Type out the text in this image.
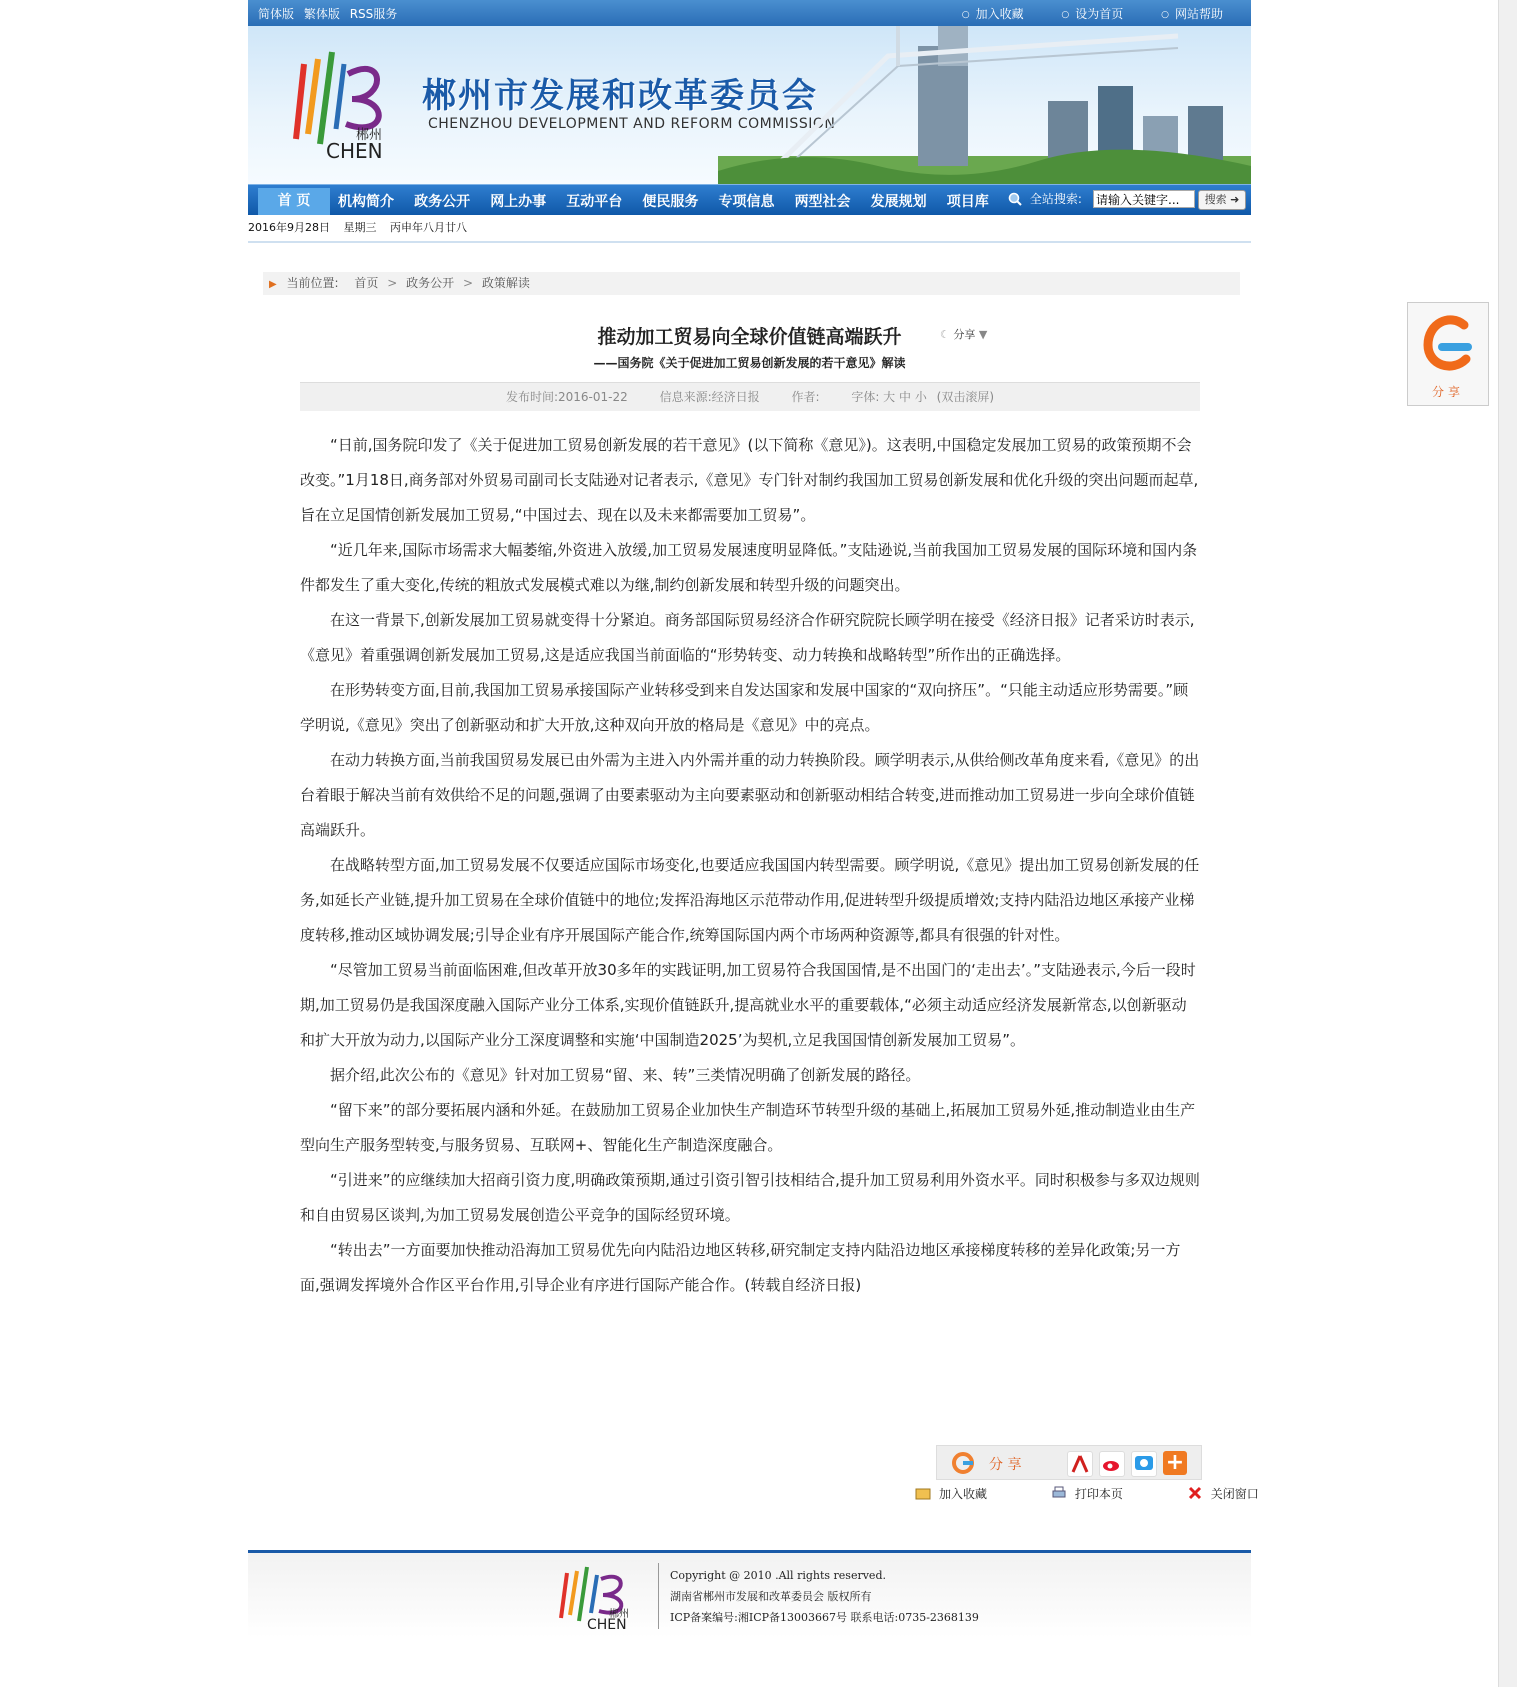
简体版 繁体版 RSS服务	○ 加入收藏	○ 设为首页	○ 网站帮助
郴州
CHEN
郴州市发展和改革委员会
CHENZHOU DEVELOPMENT AND REFORM COMMISSION
首 页	机构简介 政务公开 网上办事 互动平台 便民服务 专项信息 两型社会 发展规划 项目库	全站搜索:
请输入关键字...	搜索 ➜
2016年9月28日 星期三 丙申年八月廿八
▶ 当前位置: 首页 > 政务公开 > 政策解读
推动加工贸易向全球价值链高端跃升	☾ 分享 ▼
——国务院《关于促进加工贸易创新发展的若干意见》解读
发布时间:2016-01-22	信息来源:经济日报	作者:	字体: 大 中 小 (双击滚屏)

“日前,国务院印发了《关于促进加工贸易创新发展的若干意见》(以下简称《意见》)。这表明,中国稳定发展加工贸易的政策预期不会改变。”1月18日,商务部对外贸易司副司长支陆逊对记者表示,《意见》专门针对制约我国加工贸易创新发展和优化升级的突出问题而起草,旨在立足国情创新发展加工贸易,“中国过去、现在以及未来都需要加工贸易”。

“近几年来,国际市场需求大幅萎缩,外资进入放缓,加工贸易发展速度明显降低。”支陆逊说,当前我国加工贸易发展的国际环境和国内条件都发生了重大变化,传统的粗放式发展模式难以为继,制约创新发展和转型升级的问题突出。

在这一背景下,创新发展加工贸易就变得十分紧迫。商务部国际贸易经济合作研究院院长顾学明在接受《经济日报》记者采访时表示,《意见》着重强调创新发展加工贸易,这是适应我国当前面临的“形势转变、动力转换和战略转型”所作出的正确选择。

在形势转变方面,目前,我国加工贸易承接国际产业转移受到来自发达国家和发展中国家的“双向挤压”。“只能主动适应形势需要。”顾学明说,《意见》突出了创新驱动和扩大开放,这种双向开放的格局是《意见》中的亮点。

在动力转换方面,当前我国贸易发展已由外需为主进入内外需并重的动力转换阶段。顾学明表示,从供给侧改革角度来看,《意见》的出台着眼于解决当前有效供给不足的问题,强调了由要素驱动为主向要素驱动和创新驱动相结合转变,进而推动加工贸易进一步向全球价值链高端跃升。

在战略转型方面,加工贸易发展不仅要适应国际市场变化,也要适应我国国内转型需要。顾学明说,《意见》提出加工贸易创新发展的任务,如延长产业链,提升加工贸易在全球价值链中的地位;发挥沿海地区示范带动作用,促进转型升级提质增效;支持内陆沿边地区承接产业梯度转移,推动区域协调发展;引导企业有序开展国际产能合作,统筹国际国内两个市场两种资源等,都具有很强的针对性。

“尽管加工贸易当前面临困难,但改革开放30多年的实践证明,加工贸易符合我国国情,是不出国门的‘走出去’。”支陆逊表示,今后一段时期,加工贸易仍是我国深度融入国际产业分工体系,实现价值链跃升,提高就业水平的重要载体,“必须主动适应经济发展新常态,以创新驱动和扩大开放为动力,以国际产业分工深度调整和实施‘中国制造2025’为契机,立足我国国情创新发展加工贸易”。

据介绍,此次公布的《意见》针对加工贸易“留、来、转”三类情况明确了创新发展的路径。

“留下来”的部分要拓展内涵和外延。在鼓励加工贸易企业加快生产制造环节转型升级的基础上,拓展加工贸易外延,推动制造业由生产型向生产服务型转变,与服务贸易、互联网+、智能化生产制造深度融合。

“引进来”的应继续加大招商引资力度,明确政策预期,通过引资引智引技相结合,提升加工贸易利用外资水平。同时积极参与多双边规则和自由贸易区谈判,为加工贸易发展创造公平竞争的国际经贸环境。

“转出去”一方面要加快推动沿海加工贸易优先向内陆沿边地区转移,研究制定支持内陆沿边地区承接梯度转移的差异化政策;另一方面,强调发挥境外合作区平台作用,引导企业有序进行国际产能合作。(转载自经济日报)

分 享	+
加入收藏	打印本页	关闭窗口
郴州
CHEN
Copyright @ 2010 .All rights reserved.
湖南省郴州市发展和改革委员会 版权所有
ICP备案编号:湘ICP备13003667号 联系电话:0735-2368139
分享
